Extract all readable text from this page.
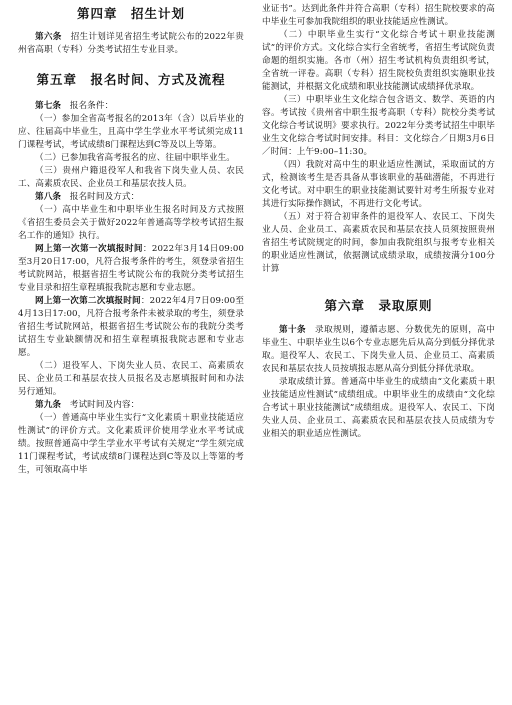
第四章　招生计划

第六条　招生计划详见省招生考试院公布的2022年贵州省高职（专科）分类考试招生专业目录。

第五章　报名时间、方式及流程

第七条　报名条件：

（一）参加全省高考报名的2013年（含）以后毕业的应、往届高中毕业生，且高中学生学业水平考试须完成11门课程考试，考试成绩8门课程达到C等及以上等第。

（二）已参加我省高考报名的应、往届中职毕业生。

（三）贵州户籍退役军人和我省下岗失业人员、农民工、高素质农民、企业员工和基层农技人员。

第八条　报名时间及方式：

（一）高中毕业生和中职毕业生报名时间及方式按照《省招生委员会关于做好2022年普通高等学校考试招生报名工作的通知》执行。

网上第一次第一次填报时间：2022年3月14日09:00至3月20日17:00，凡符合报考条件的考生，须登录省招生考试院网站，根据省招生考试院公布的我院分类考试招生专业目录和招生章程填报我院志愿和专业志愿。

网上第一次第二次填报时间：2022年4月7日09:00至4月13日17:00，凡符合报考条件未被录取的考生，须登录省招生考试院网站，根据省招生考试院公布的我院分类考试招生专业缺额情况和招生章程填报我院志愿和专业志愿。

（二）退役军人、下岗失业人员、农民工、高素质农民、企业员工和基层农技人员报名及志愿填报时间和办法另行通知。

第九条　考试时间及内容：

（一）普通高中毕业生实行“文化素质＋职业技能适应性测试”的评价方式。文化素质评价使用学业水平考试成绩。按照普通高中学生学业水平考试有关规定“学生须完成11门课程考试，考试成绩8门课程达到C等及以上等第的考生，可领取高中毕

业证书”。达到此条件并符合高职（专科）招生院校要求的高中毕业生可参加我院组织的职业技能适应性测试。

（二）中职毕业生实行“文化综合考试＋职业技能测试”的评价方式。文化综合实行全省统考，省招生考试院负责命题的组织实施。各市（州）招生考试机构负责组织考试，全省统一评卷。高职（专科）招生院校负责组织实施职业技能测试，并根据文化成绩和职业技能测试成绩择优录取。

（三）中职毕业生文化综合包含语文、数学、英语的内容。考试按《贵州省中职生报考高职（专科）院校分类考试文化综合考试说明》要求执行。2022年分类考试招生中职毕业生文化综合考试时间安排。科目：文化综合／日期3月6日／时间：上午9:00–11:30。

（四）我院对高中生的职业适应性测试，采取面试的方式，检测该考生是否具备从事该职业的基础潜能，不再进行文化考试。对中职生的职业技能测试要针对考生所报专业对其进行实际操作测试，不再进行文化考试。

（五）对于符合初审条件的退役军人、农民工、下岗失业人员、企业员工、高素质农民和基层农技人员须按照贵州省招生考试院规定的时间，参加由我院组织与报考专业相关的职业适应性测试，依据测试成绩录取，成绩按满分100分计算

第六章　录取原则

第十条　录取规则，遵循志愿、分数优先的原则，高中毕业生、中职毕业生以6个专业志愿先后从高分到低分择优录取。退役军人、农民工、下岗失业人员、企业员工、高素质农民和基层农技人员按填报志愿从高分到低分择优录取。

录取成绩计算。普通高中毕业生的成绩由“文化素质＋职业技能适应性测试”成绩组成。中职毕业生的成绩由“文化综合考试＋职业技能测试”成绩组成。退役军人、农民工、下岗失业人员、企业员工、高素质农民和基层农技人员成绩为专业相关的职业适应性测试。
